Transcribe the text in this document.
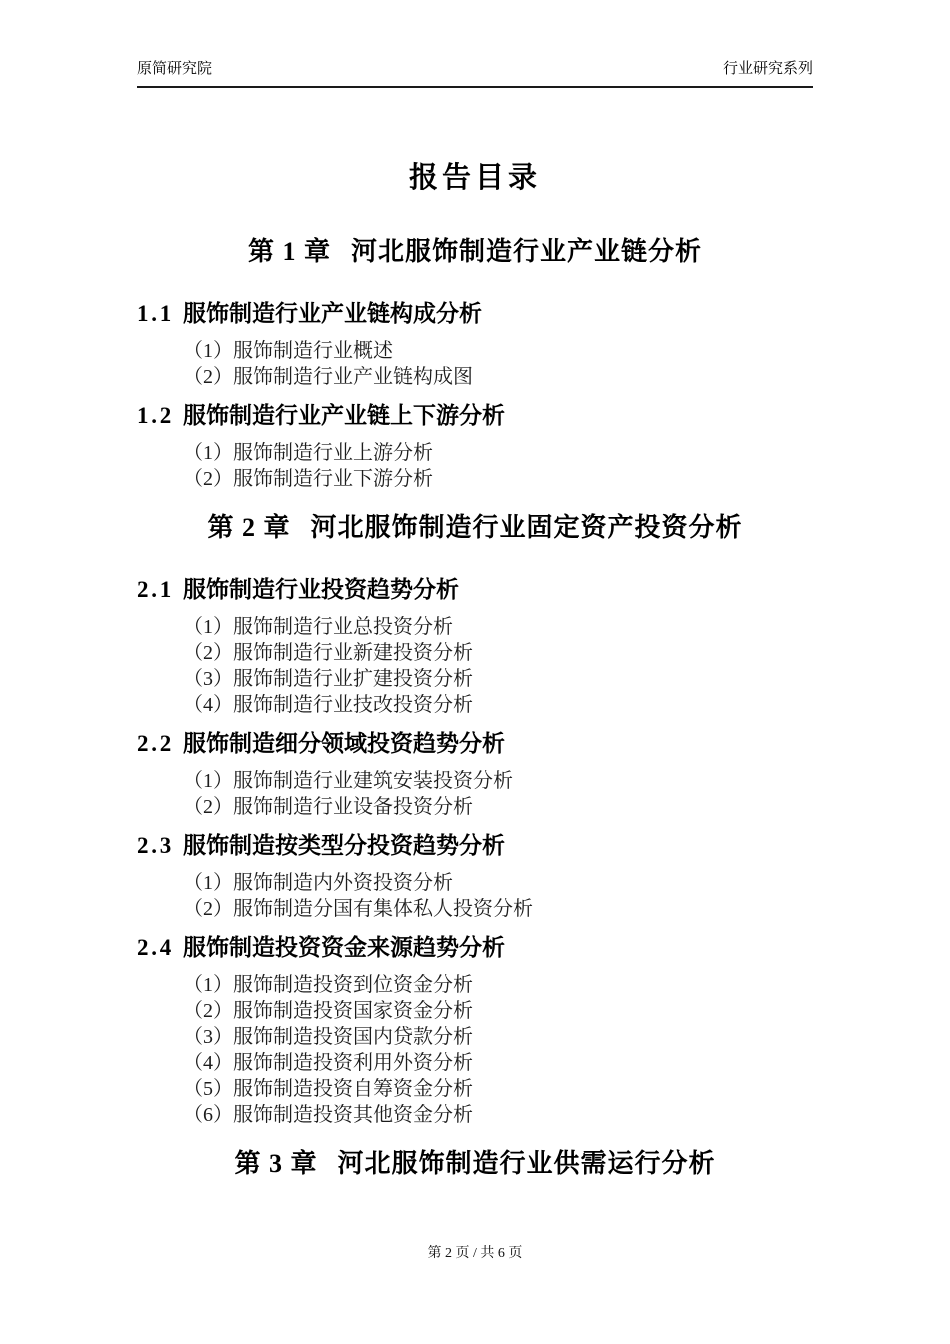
原简研究院	行业研究系列
报告目录
第 1 章 河北服饰制造行业产业链分析
1.1 服饰制造行业产业链构成分析
（1）服饰制造行业概述
（2）服饰制造行业产业链构成图
1.2 服饰制造行业产业链上下游分析
（1）服饰制造行业上游分析
（2）服饰制造行业下游分析
第 2 章 河北服饰制造行业固定资产投资分析
2.1 服饰制造行业投资趋势分析
（1）服饰制造行业总投资分析
（2）服饰制造行业新建投资分析
（3）服饰制造行业扩建投资分析
（4）服饰制造行业技改投资分析
2.2 服饰制造细分领域投资趋势分析
（1）服饰制造行业建筑安装投资分析
（2）服饰制造行业设备投资分析
2.3 服饰制造按类型分投资趋势分析
（1）服饰制造内外资投资分析
（2）服饰制造分国有集体私人投资分析
2.4 服饰制造投资资金来源趋势分析
（1）服饰制造投资到位资金分析
（2）服饰制造投资国家资金分析
（3）服饰制造投资国内贷款分析
（4）服饰制造投资利用外资分析
（5）服饰制造投资自筹资金分析
（6）服饰制造投资其他资金分析
第 3 章 河北服饰制造行业供需运行分析
第 2 页 / 共 6 页
